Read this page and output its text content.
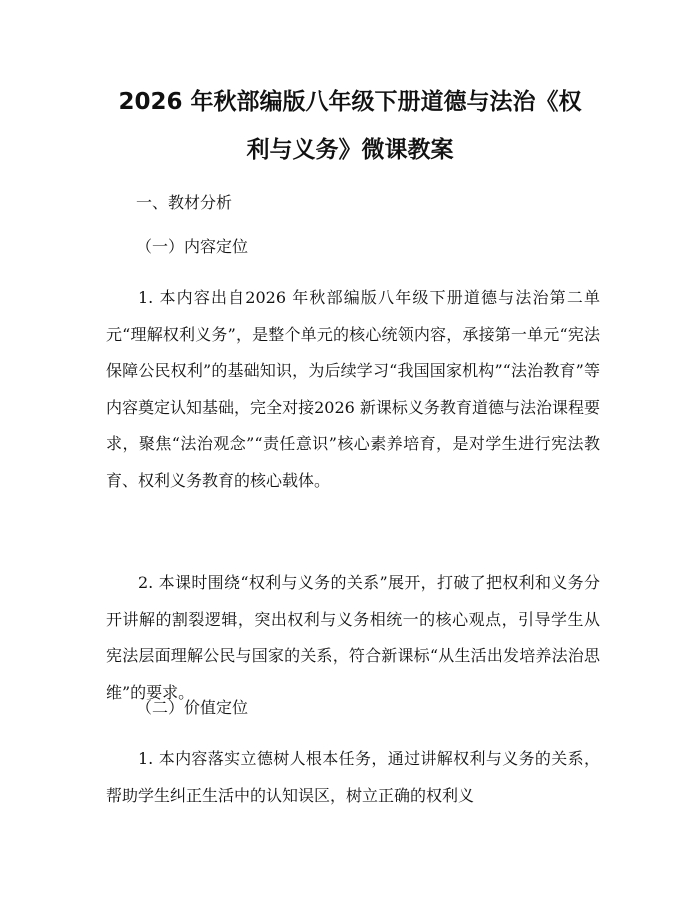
2026 年秋部编版八年级下册道德与法治《权
利与义务》微课教案

一、教材分析

（一）内容定位

1. 本内容出自2026 年秋部编版八年级下册道德与法治第二单元“理解权利义务”，是整个单元的核心统领内容，承接第一单元“宪法保障公民权利”的基础知识，为后续学习“我国国家机构”“法治教育”等内容奠定认知基础，完全对接2026 新课标义务教育道德与法治课程要求，聚焦“法治观念”“责任意识”核心素养培育，是对学生进行宪法教育、权利义务教育的核心载体。

2. 本课时围绕“权利与义务的关系”展开，打破了把权利和义务分开讲解的割裂逻辑，突出权利与义务相统一的核心观点，引导学生从宪法层面理解公民与国家的关系，符合新课标“从生活出发培养法治思维”的要求。

（二）价值定位

1. 本内容落实立德树人根本任务，通过讲解权利与义务的关系，帮助学生纠正生活中的认知误区，树立正确的权利义
